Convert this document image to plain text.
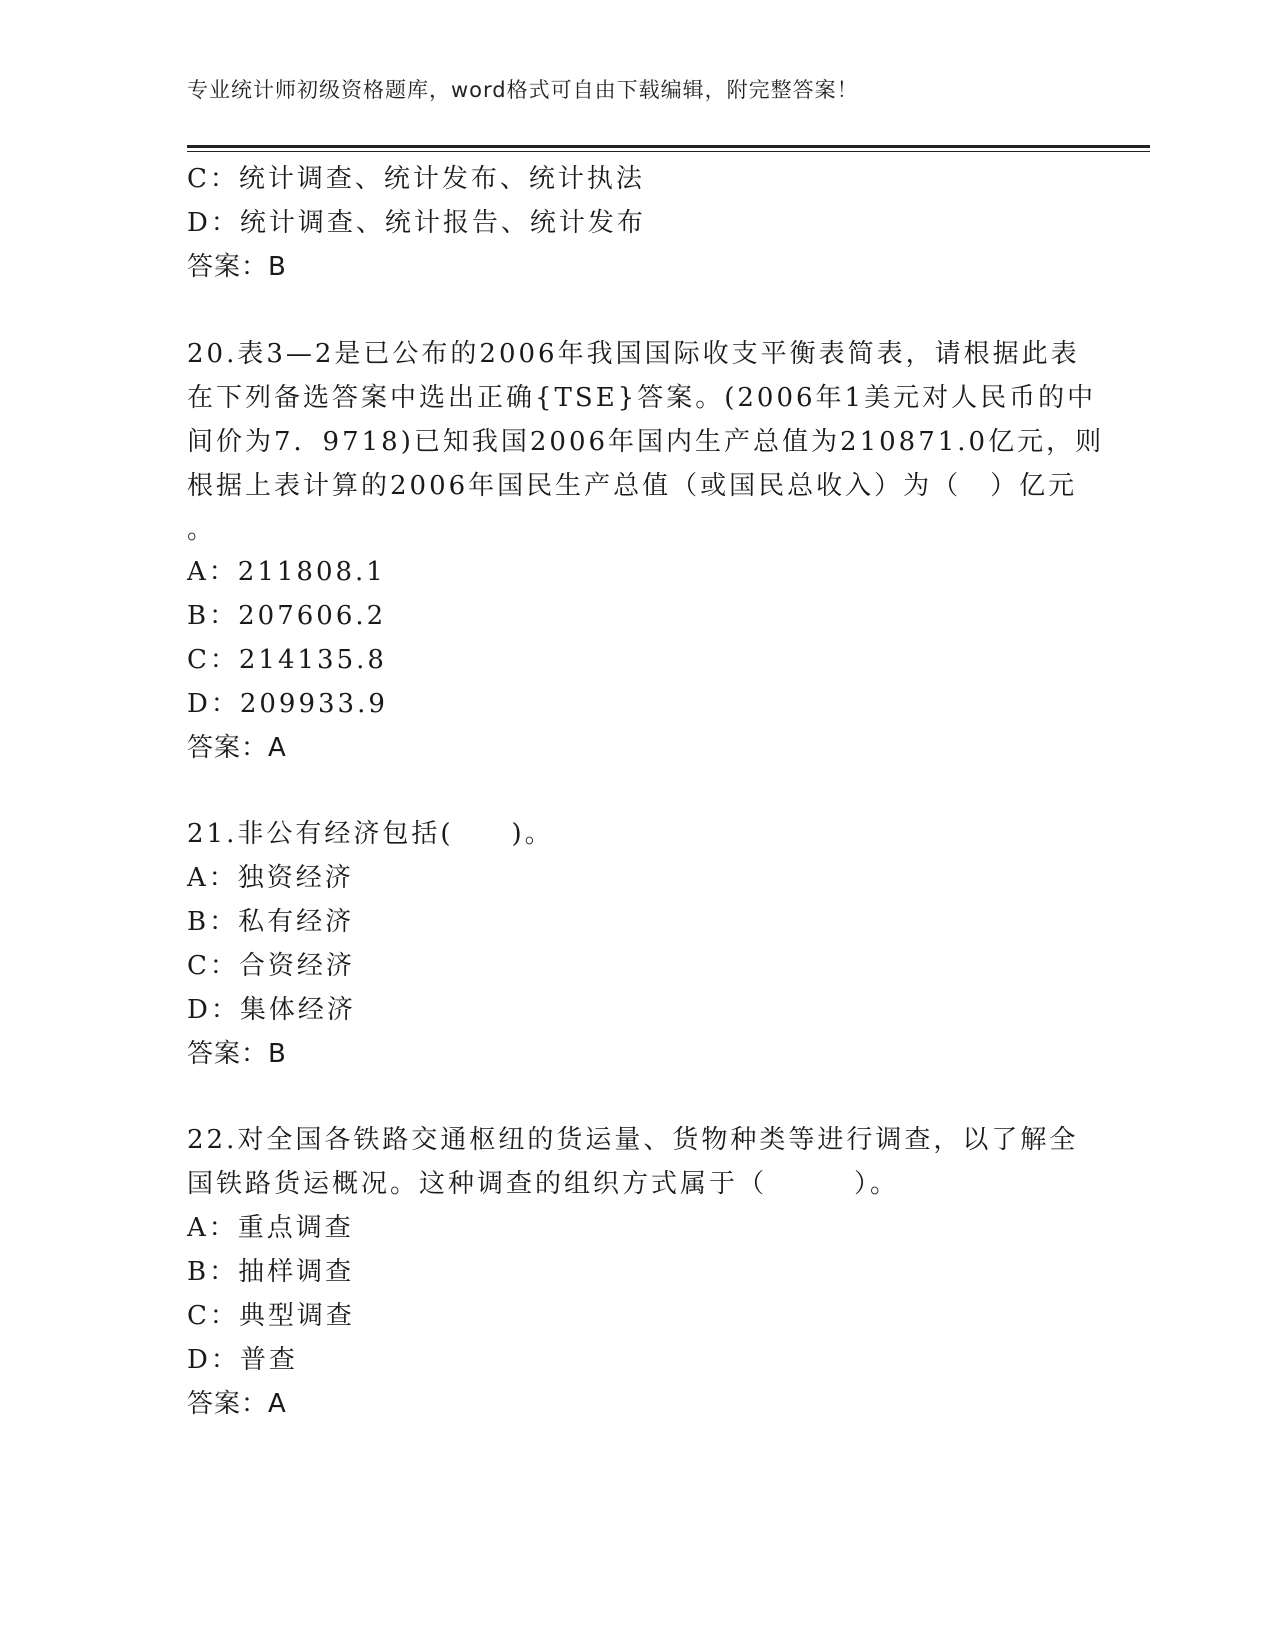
专业统计师初级资格题库，word格式可自由下载编辑，附完整答案！
C：统计调查、统计发布、统计执法
D：统计调查、统计报告、统计发布
答案：B
20.表3—2是已公布的2006年我国国际收支平衡表简表，请根据此表
在下列备选答案中选出正确{TSE}答案。(2006年1美元对人民币的中
间价为7．9718)已知我国2006年国内生产总值为210871.0亿元，则
根据上表计算的2006年国民生产总值（或国民总收入）为（　）亿元
。
A：211808.1
B：207606.2
C：214135.8
D：209933.9
答案：A
21.非公有经济包括(　　)。
A：独资经济
B：私有经济
C：合资经济
D：集体经济
答案：B
22.对全国各铁路交通枢纽的货运量、货物种类等进行调查，以了解全
国铁路货运概况。这种调查的组织方式属于（　　　）。
A：重点调查
B：抽样调查
C：典型调查
D：普查
答案：A
